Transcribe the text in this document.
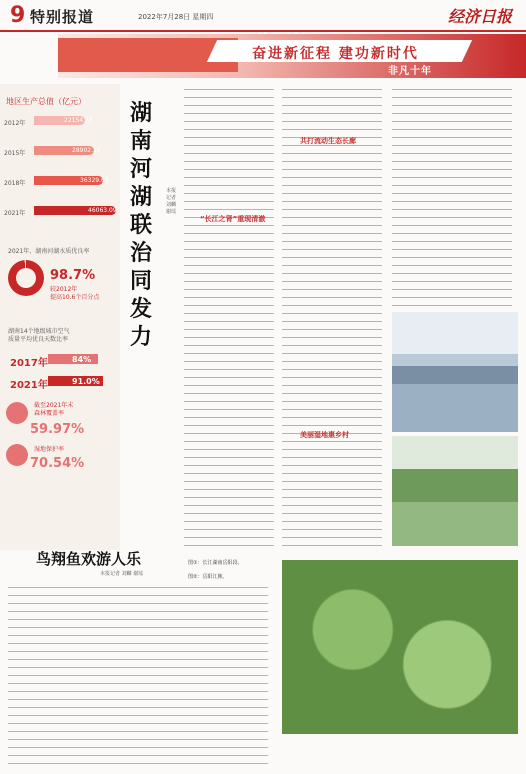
9 特别报道	2022年7月28日 星期四	经济日报
奋进新征程 建功新时代
非凡十年
地区生产总值（亿元）
2012年	22154.23
2015年	28902.21
2018年	36329.68
2021年	46063.09
2021年，湖南河湖水质优良率
98.7%
较2012年
提高10.6个百分点
湖南14个地级城市空气
质量平均优良天数比率
2017年	84%
2021年	91.0%
截至2021年末
森林覆盖率
59.97%
湿地保护率
70.54%
湖南河湖联治同发力
本报记者 刘麟 谢瑶
“长江之肾”重现清澈
共打流动生态长廊
美丽湿地惠乡村
图①：长江湖南岳阳段。
图②：岳阳江豚。
鸟翔鱼欢游人乐
本报记者 刘麟 谢瑶
